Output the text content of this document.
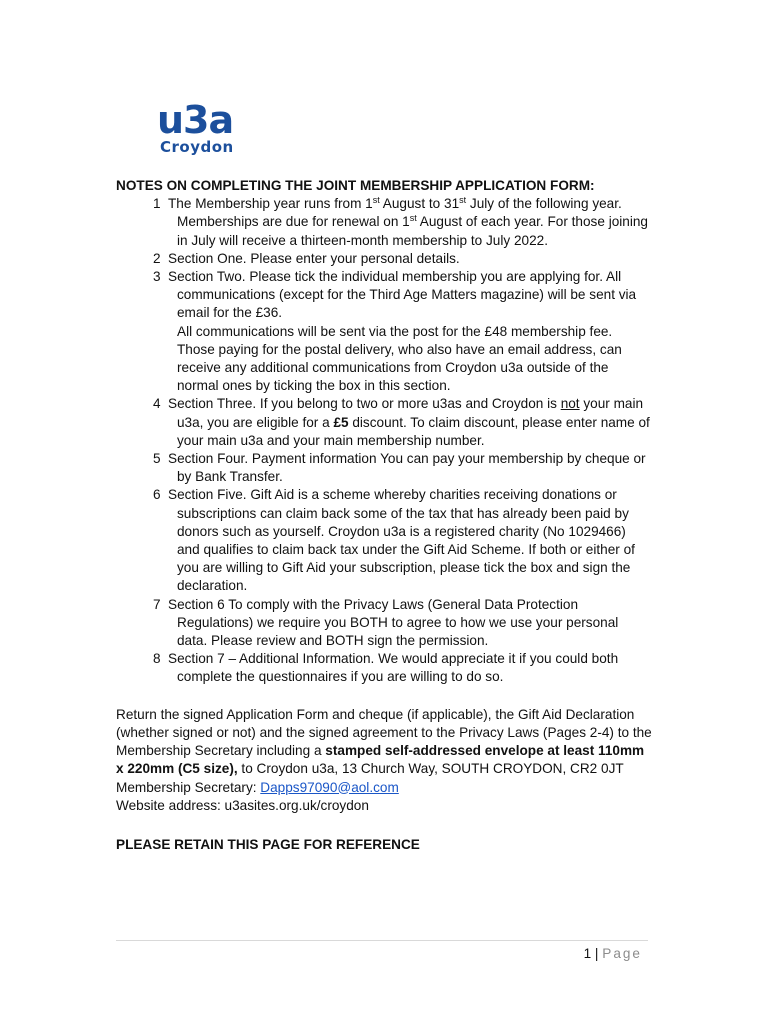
u3a
Croydon

NOTES ON COMPLETING THE JOINT MEMBERSHIP APPLICATION FORM:

1 The Membership year runs from 1st August to 31st July of the following year. Memberships are due for renewal on 1st August of each year. For those joining in July will receive a thirteen-month membership to July 2022.
2 Section One. Please enter your personal details.
3 Section Two. Please tick the individual membership you are applying for. All communications (except for the Third Age Matters magazine) will be sent via email for the £36.
All communications will be sent via the post for the £48 membership fee.
Those paying for the postal delivery, who also have an email address, can receive any additional communications from Croydon u3a outside of the normal ones by ticking the box in this section.
4 Section Three. If you belong to two or more u3as and Croydon is not your main u3a, you are eligible for a £5 discount. To claim discount, please enter name of your main u3a and your main membership number.
5 Section Four. Payment information You can pay your membership by cheque or by Bank Transfer.
6 Section Five. Gift Aid is a scheme whereby charities receiving donations or subscriptions can claim back some of the tax that has already been paid by donors such as yourself. Croydon u3a is a registered charity (No 1029466) and qualifies to claim back tax under the Gift Aid Scheme. If both or either of you are willing to Gift Aid your subscription, please tick the box and sign the declaration.
7 Section 6 To comply with the Privacy Laws (General Data Protection Regulations) we require you BOTH to agree to how we use your personal data. Please review and BOTH sign the permission.
8 Section 7 – Additional Information. We would appreciate it if you could both complete the questionnaires if you are willing to do so.

Return the signed Application Form and cheque (if applicable), the Gift Aid Declaration (whether signed or not) and the signed agreement to the Privacy Laws (Pages 2-4) to the Membership Secretary including a stamped self-addressed envelope at least 110mm x 220mm (C5 size), to Croydon u3a, 13 Church Way, SOUTH CROYDON, CR2 0JT

Membership Secretary: Dapps97090@aol.com

Website address: u3asites.org.uk/croydon

PLEASE RETAIN THIS PAGE FOR REFERENCE
1 | Page
